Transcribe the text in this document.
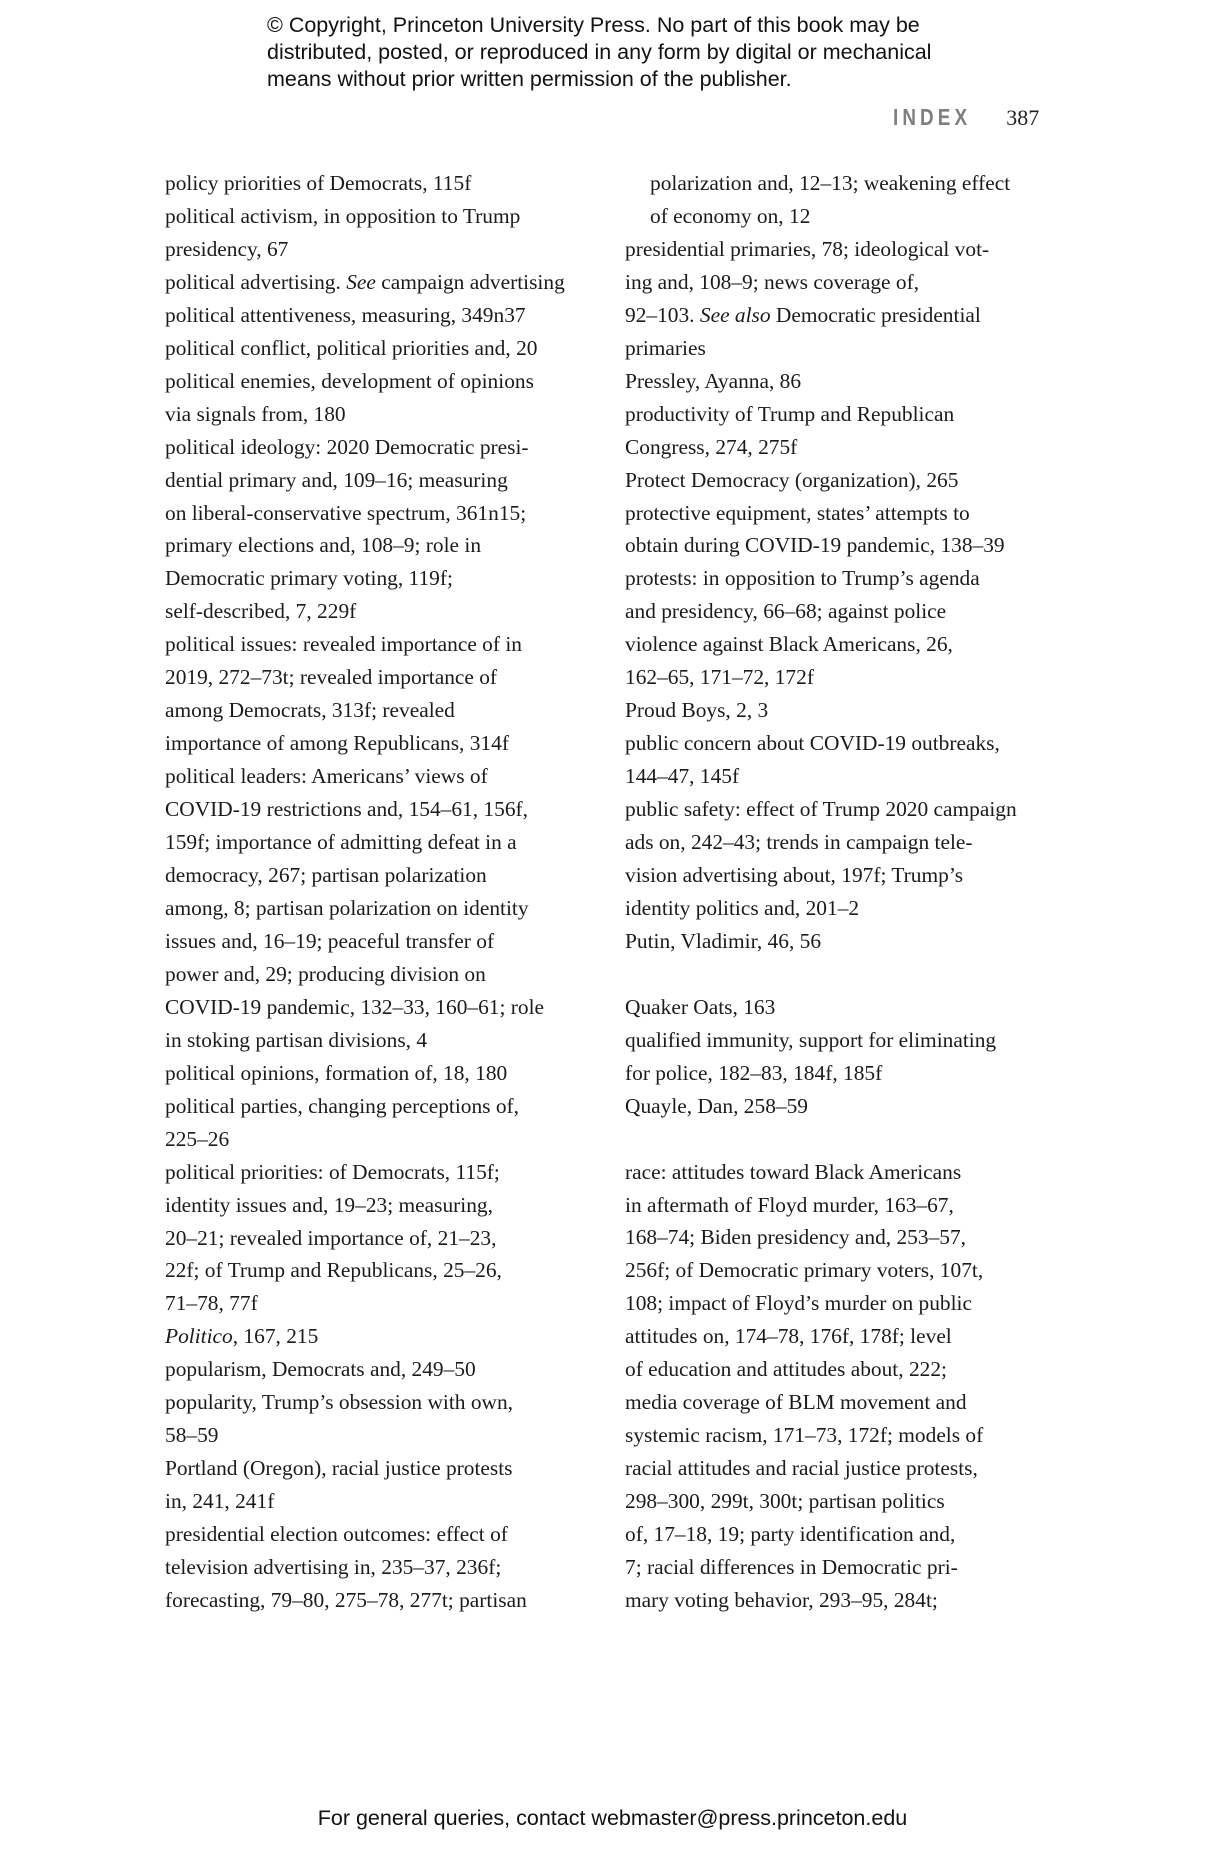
© Copyright, Princeton University Press. No part of this book may be
distributed, posted, or reproduced in any form by digital or mechanical
means without prior written permission of the publisher.
INDEX 387
policy priorities of Democrats, 115f
political activism, in opposition to Trump
presidency, 67
political advertising. See campaign advertising
political attentiveness, measuring, 349n37
political conflict, political priorities and, 20
political enemies, development of opinions
via signals from, 180
political ideology: 2020 Democratic presi-
dential primary and, 109–16; measuring
on liberal-conservative spectrum, 361n15;
primary elections and, 108–9; role in
Democratic primary voting, 119f;
self-described, 7, 229f
political issues: revealed importance of in
2019, 272–73t; revealed importance of
among Democrats, 313f; revealed
importance of among Republicans, 314f
political leaders: Americans’ views of
COVID-19 restrictions and, 154–61, 156f,
159f; importance of admitting defeat in a
democracy, 267; partisan polarization
among, 8; partisan polarization on identity
issues and, 16–19; peaceful transfer of
power and, 29; producing division on
COVID-19 pandemic, 132–33, 160–61; role
in stoking partisan divisions, 4
political opinions, formation of, 18, 180
political parties, changing perceptions of,
225–26
political priorities: of Democrats, 115f;
identity issues and, 19–23; measuring,
20–21; revealed importance of, 21–23,
22f; of Trump and Republicans, 25–26,
71–78, 77f
Politico, 167, 215
popularism, Democrats and, 249–50
popularity, Trump’s obsession with own,
58–59
Portland (Oregon), racial justice protests
in, 241, 241f
presidential election outcomes: effect of
television advertising in, 235–37, 236f;
forecasting, 79–80, 275–78, 277t; partisan
polarization and, 12–13; weakening effect
of economy on, 12
presidential primaries, 78; ideological vot-
ing and, 108–9; news coverage of,
92–103. See also Democratic presidential
primaries
Pressley, Ayanna, 86
productivity of Trump and Republican
Congress, 274, 275f
Protect Democracy (organization), 265
protective equipment, states’ attempts to
obtain during COVID-19 pandemic, 138–39
protests: in opposition to Trump’s agenda
and presidency, 66–68; against police
violence against Black Americans, 26,
162–65, 171–72, 172f
Proud Boys, 2, 3
public concern about COVID-19 outbreaks,
144–47, 145f
public safety: effect of Trump 2020 campaign
ads on, 242–43; trends in campaign tele-
vision advertising about, 197f; Trump’s
identity politics and, 201–2
Putin, Vladimir, 46, 56
Quaker Oats, 163
qualified immunity, support for eliminating
for police, 182–83, 184f, 185f
Quayle, Dan, 258–59
race: attitudes toward Black Americans
in aftermath of Floyd murder, 163–67,
168–74; Biden presidency and, 253–57,
256f; of Democratic primary voters, 107t,
108; impact of Floyd’s murder on public
attitudes on, 174–78, 176f, 178f; level
of education and attitudes about, 222;
media coverage of BLM movement and
systemic racism, 171–73, 172f; models of
racial attitudes and racial justice protests,
298–300, 299t, 300t; partisan politics
of, 17–18, 19; party identification and,
7; racial differences in Democratic pri-
mary voting behavior, 293–95, 284t;
For general queries, contact webmaster@press.princeton.edu
